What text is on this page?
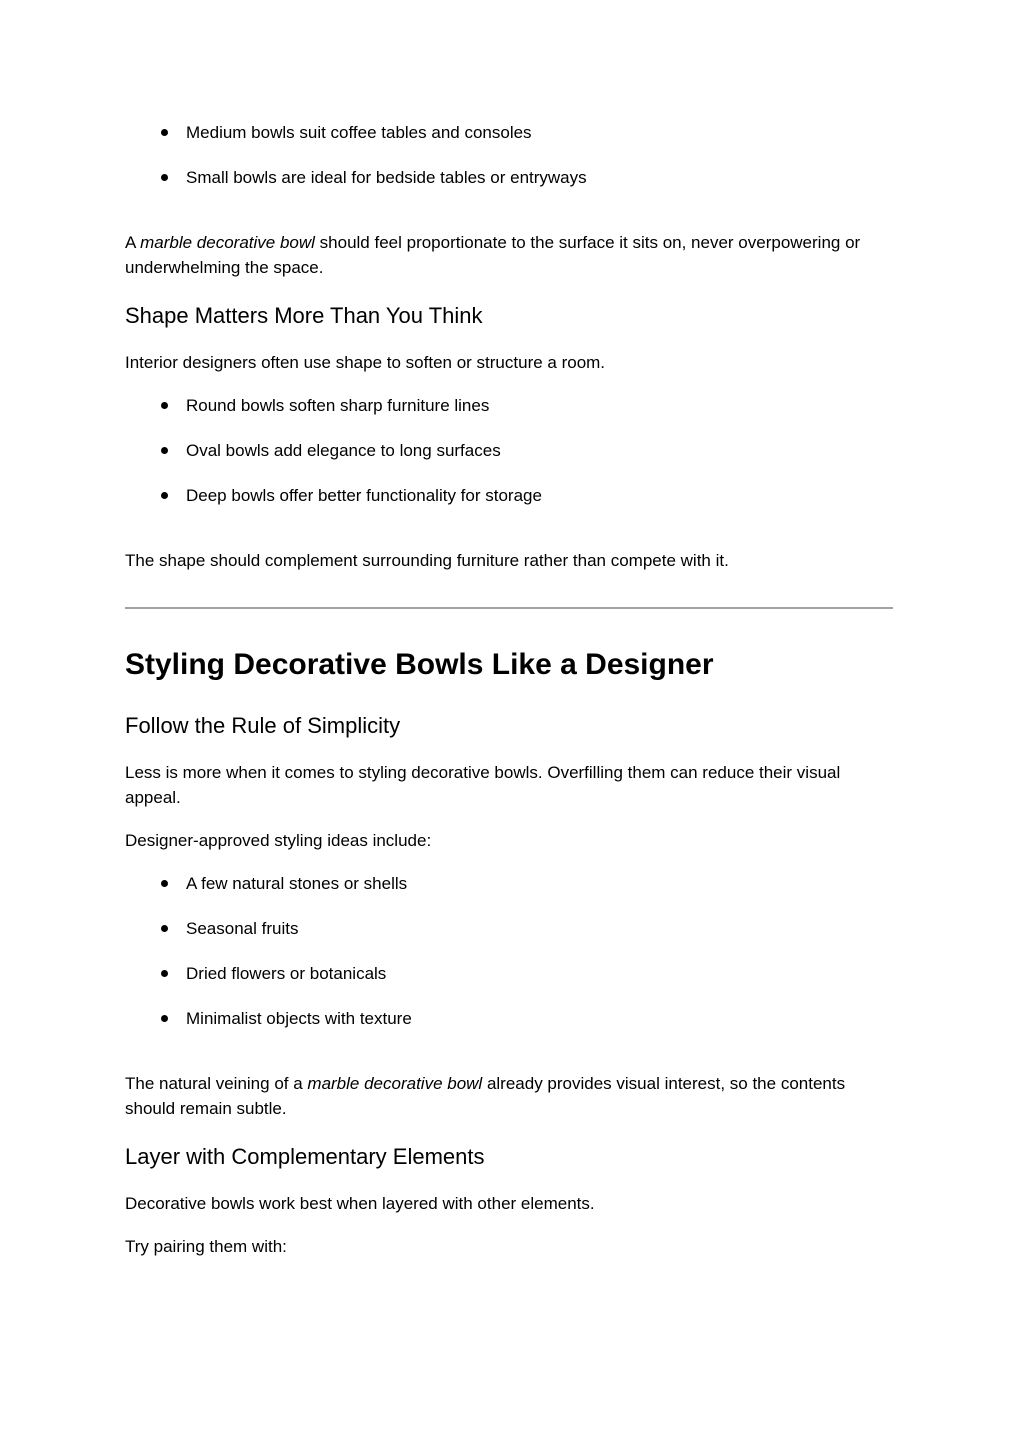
Medium bowls suit coffee tables and consoles
Small bowls are ideal for bedside tables or entryways

A marble decorative bowl should feel proportionate to the surface it sits on, never overpowering or underwhelming the space.

Shape Matters More Than You Think

Interior designers often use shape to soften or structure a room.

Round bowls soften sharp furniture lines
Oval bowls add elegance to long surfaces
Deep bowls offer better functionality for storage

The shape should complement surrounding furniture rather than compete with it.

Styling Decorative Bowls Like a Designer
Follow the Rule of Simplicity

Less is more when it comes to styling decorative bowls. Overfilling them can reduce their visual appeal.

Designer-approved styling ideas include:

A few natural stones or shells
Seasonal fruits
Dried flowers or botanicals
Minimalist objects with texture

The natural veining of a marble decorative bowl already provides visual interest, so the contents should remain subtle.

Layer with Complementary Elements

Decorative bowls work best when layered with other elements.

Try pairing them with:
